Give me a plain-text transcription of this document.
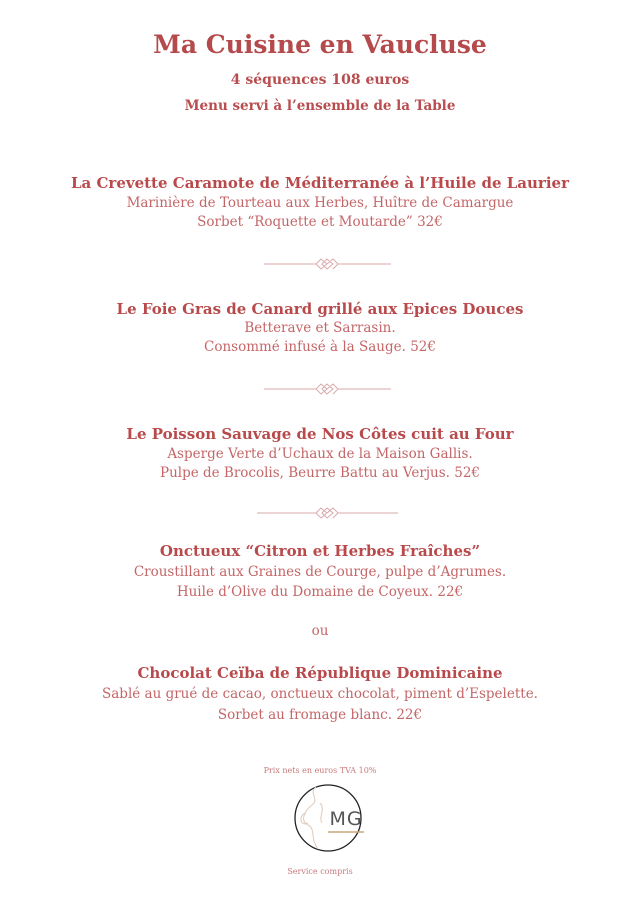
Ma Cuisine en Vaucluse
4 séquences 108 euros
Menu servi à l’ensemble de la Table
La Crevette Caramote de Méditerranée à l’Huile de Laurier
Marinière de Tourteau aux Herbes, Huître de Camargue
Sorbet “Roquette et Moutarde” 32€
Le Foie Gras de Canard grillé aux Epices Douces
Betterave et Sarrasin.
Consommé infusé à la Sauge. 52€
Le Poisson Sauvage de Nos Côtes cuit au Four
Asperge Verte d’Uchaux de la Maison Gallis.
Pulpe de Brocolis, Beurre Battu au Verjus. 52€
Onctueux “Citron et Herbes Fraîches”
Croustillant aux Graines de Courge, pulpe d’Agrumes.
Huile d’Olive du Domaine de Coyeux. 22€
ou
Chocolat Ceïba de République Dominicaine
Sablé au grué de cacao, onctueux chocolat, piment d’Espelette.
Sorbet au fromage blanc. 22€
Prix nets en euros TVA 10%
MG
Service compris
